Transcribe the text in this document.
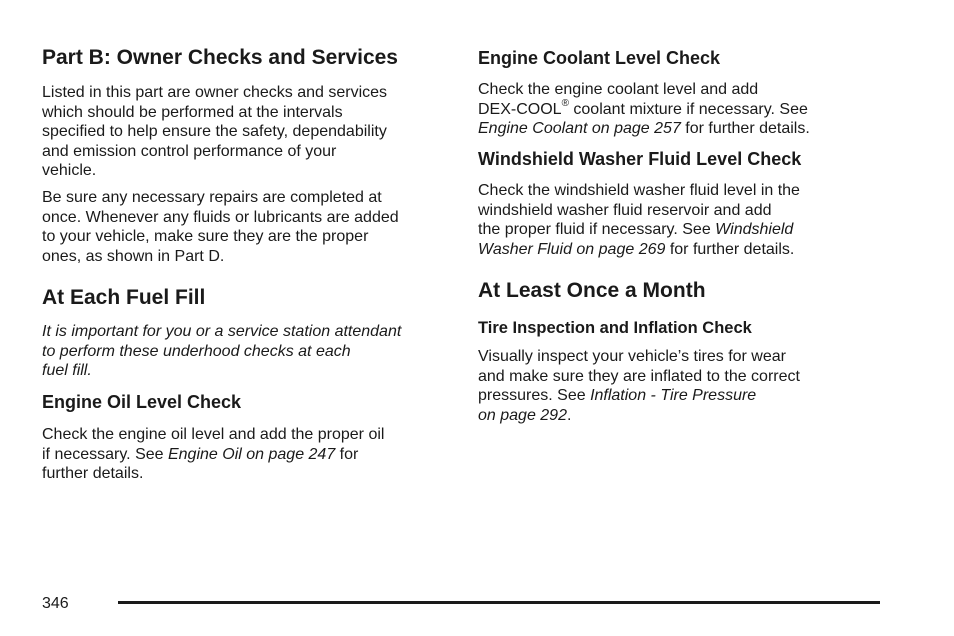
Part B: Owner Checks and Services

Listed in this part are owner checks and services
which should be performed at the intervals
specified to help ensure the safety, dependability
and emission control performance of your
vehicle.

Be sure any necessary repairs are completed at
once. Whenever any fluids or lubricants are added
to your vehicle, make sure they are the proper
ones, as shown in Part D.

At Each Fuel Fill

It is important for you or a service station attendant
to perform these underhood checks at each
fuel fill.

Engine Oil Level Check

Check the engine oil level and add the proper oil
if necessary. See Engine Oil on page 247 for
further details.

Engine Coolant Level Check

Check the engine coolant level and add
DEX-COOL® coolant mixture if necessary. See
Engine Coolant on page 257 for further details.

Windshield Washer Fluid Level Check

Check the windshield washer fluid level in the
windshield washer fluid reservoir and add
the proper fluid if necessary. See Windshield
Washer Fluid on page 269 for further details.

At Least Once a Month
Tire Inspection and Inflation Check

Visually inspect your vehicle’s tires for wear
and make sure they are inflated to the correct
pressures. See Inflation - Tire Pressure
on page 292.

346
